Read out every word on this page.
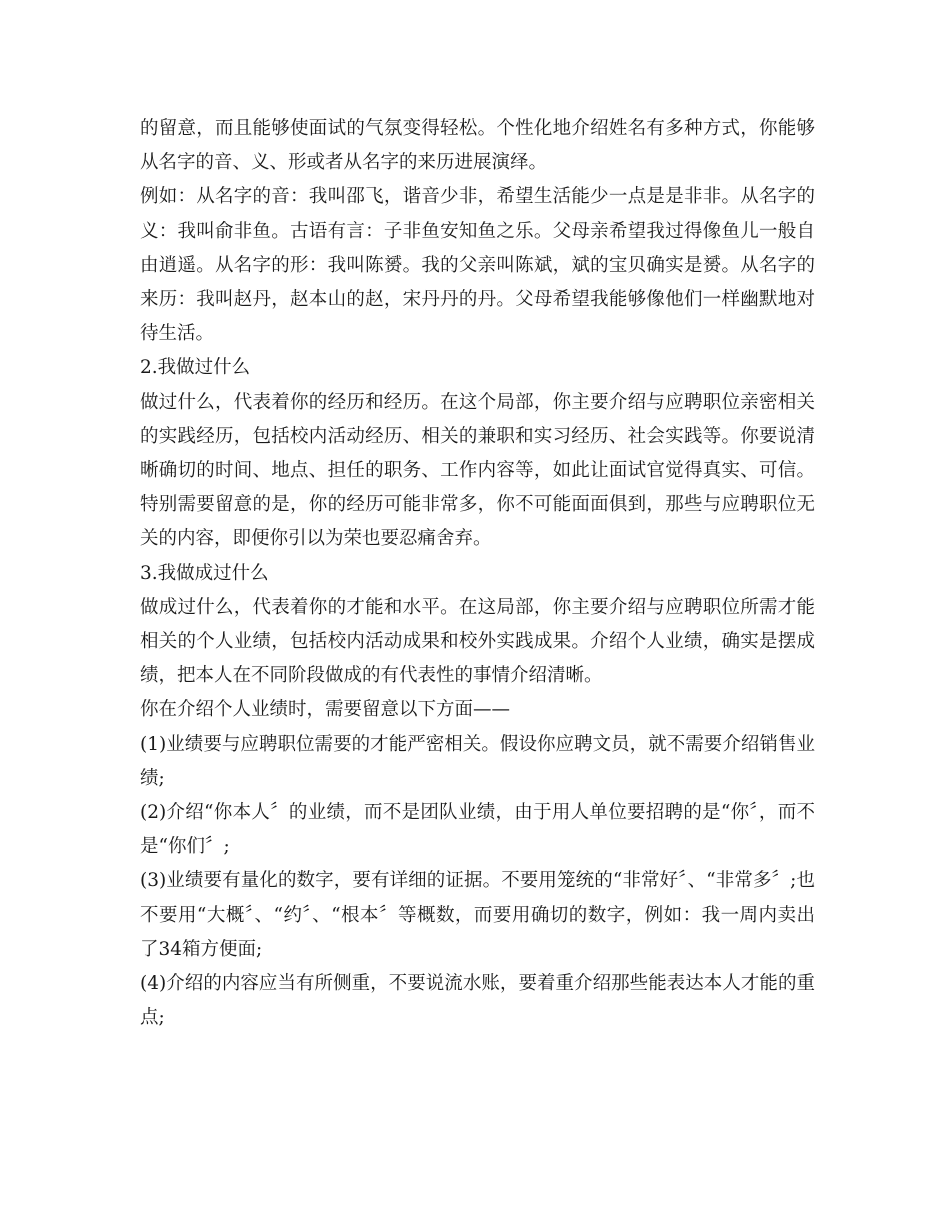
的留意，而且能够使面试的气氛变得轻松。个性化地介绍姓名有多种方式，你能够从名字的音、义、形或者从名字的来历进展演绎。

例如：从名字的音：我叫邵飞，谐音少非，希望生活能少一点是是非非。从名字的义：我叫俞非鱼。古语有言：子非鱼安知鱼之乐。父母亲希望我过得像鱼儿一般自由逍遥。从名字的形：我叫陈赟。我的父亲叫陈斌，斌的宝贝确实是赟。从名字的来历：我叫赵丹，赵本山的赵，宋丹丹的丹。父母希望我能够像他们一样幽默地对待生活。

2.我做过什么

做过什么，代表着你的经历和经历。在这个局部，你主要介绍与应聘职位亲密相关的实践经历，包括校内活动经历、相关的兼职和实习经历、社会实践等。你要说清晰确切的时间、地点、担任的职务、工作内容等，如此让面试官觉得真实、可信。特别需要留意的是，你的经历可能非常多，你不可能面面俱到，那些与应聘职位无关的内容，即便你引以为荣也要忍痛舍弃。

3.我做成过什么

做成过什么，代表着你的才能和水平。在这局部，你主要介绍与应聘职位所需才能相关的个人业绩，包括校内活动成果和校外实践成果。介绍个人业绩，确实是摆成绩，把本人在不同阶段做成的有代表性的事情介绍清晰。

你在介绍个人业绩时，需要留意以下方面——

(1)业绩要与应聘职位需要的才能严密相关。假设你应聘文员，就不需要介绍销售业绩;

(2)介绍“你本人〞的业绩，而不是团队业绩，由于用人单位要招聘的是“你〞，而不是“你们〞;

(3)业绩要有量化的数字，要有详细的证据。不要用笼统的“非常好〞、“非常多〞;也不要用“大概〞、“约〞、“根本〞等概数，而要用确切的数字，例如：我一周内卖出了34箱方便面;

(4)介绍的内容应当有所侧重，不要说流水账，要着重介绍那些能表达本人才能的重点;
